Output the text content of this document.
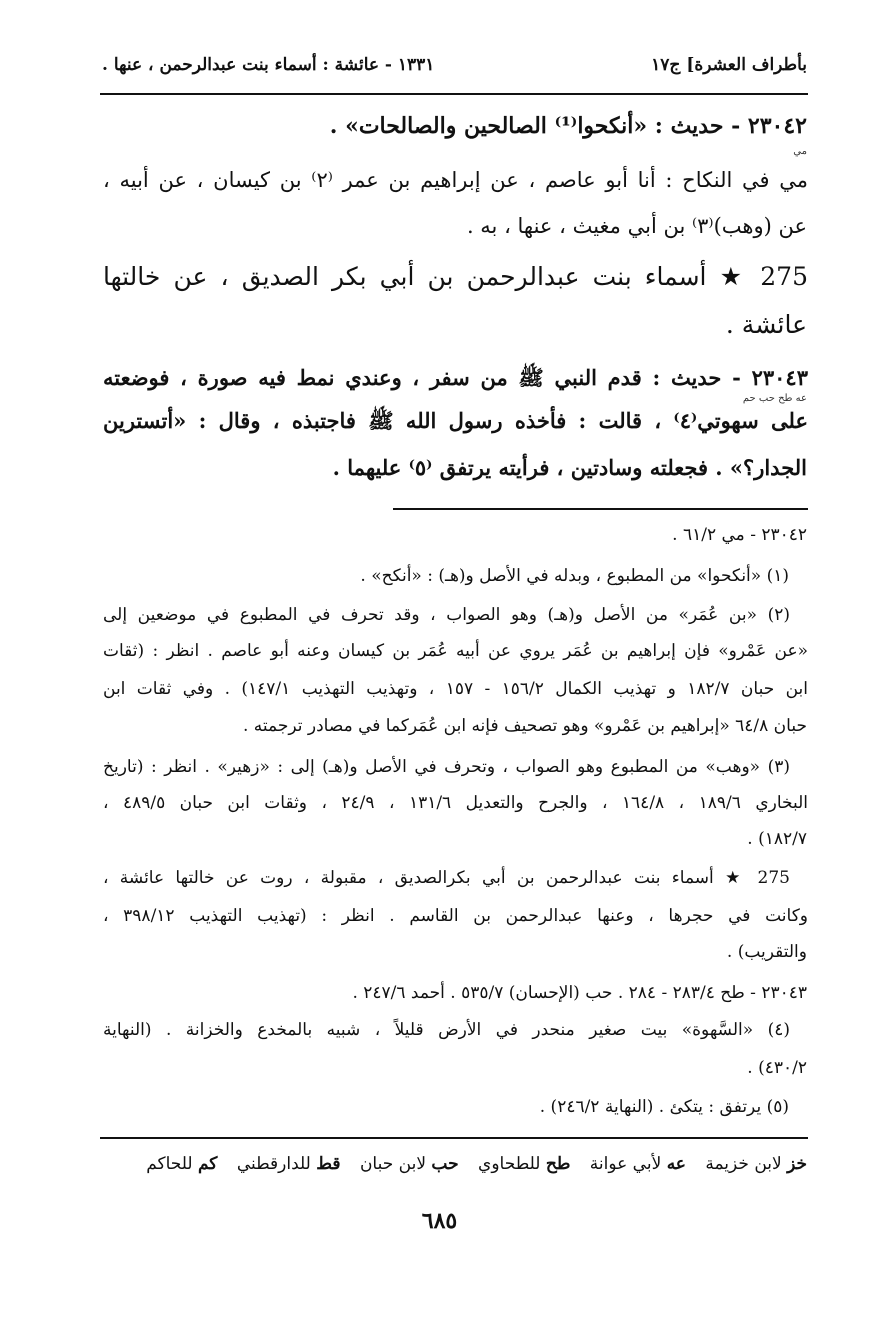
بأطراف العشرة] ج١٧
١٣٣١ - عائشة : أسماء بنت عبدالرحمن ، عنها .
٢٣٠٤٢ - حديث : «أنكحوا⁽¹⁾ الصالحين والصالحات» .
مي
مي في النكاح : أنا أبو عاصم ، عن إبراهيم بن عمر ⁽٢⁾ بن كيسان ، عن أبيه ،
عن (وهب)⁽٣⁾ بن أبي مغيث ، عنها ، به .
275 ★ أسماء بنت عبدالرحمن بن أبي بكر الصديق ، عن خالتها
عائشة .
٢٣٠٤٣ - حديث : قدم النبي ﷺ من سفر ، وعندي نمط فيه صورة ، فوضعته
عه طح حب حم
على سهوتي⁽٤⁾ ، قالت : فأخذه رسول الله ﷺ فاجتبذه ، وقال : «أتسترين
الجدار؟» . فجعلته وسادتين ، فرأيته يرتفق ⁽٥⁾ عليهما .
٢٣٠٤٢ - مي ٦١/٢ .
(١) «أنكحوا» من المطبوع ، وبدله في الأصل و(هـ) : «أنكح» .
(٢) «بن عُمَر» من الأصل و(هـ) وهو الصواب ، وقد تحرف في المطبوع في موضعين إلى
«عن عَمْرو» فإن إبراهيم بن عُمَر يروي عن أبيه عُمَر بن كيسان وعنه أبو عاصم . انظر : (ثقات
ابن حبان ١٨٢/٧ و تهذيب الكمال ١٥٦/٢ - ١٥٧ ، وتهذيب التهذيب ١٤٧/١) . وفي ثقات ابن
حبان ٦٤/٨ «إبراهيم بن عَمْرو» وهو تصحيف فإنه ابن عُمَركما في مصادر ترجمته .
(٣) «وهب» من المطبوع وهو الصواب ، وتحرف في الأصل و(هـ) إلى : «زهير» . انظر : (تاريخ
البخاري ١٨٩/٦ ، ١٦٤/٨ ، والجرح والتعديل ١٣١/٦ ، ٢٤/٩ ، وثقات ابن حبان ٤٨٩/٥ ،
١٨٢/٧) .
275 ★ أسماء بنت عبدالرحمن بن أبي بكرالصديق ، مقبولة ، روت عن خالتها عائشة ،
وكانت في حجرها ، وعنها عبدالرحمن بن القاسم . انظر : (تهذيب التهذيب ٣٩٨/١٢ ،
والتقريب) .
٢٣٠٤٣ - طح ٢٨٣/٤ - ٢٨٤ . حب (الإحسان) ٥٣٥/٧ . أحمد ٢٤٧/٦ .
(٤) «السَّهوة» بيت صغير منحدر في الأرض قليلاً ، شبيه بالمخدع والخزانة . (النهاية
٤٣٠/٢) .
(٥) يرتفق : يتكئ . (النهاية ٢٤٦/٢) .
خز لابن خزيمة عه لأبي عوانة طح للطحاوي حب لابن حبان قط للدارقطني كم للحاكم
٦٨٥
